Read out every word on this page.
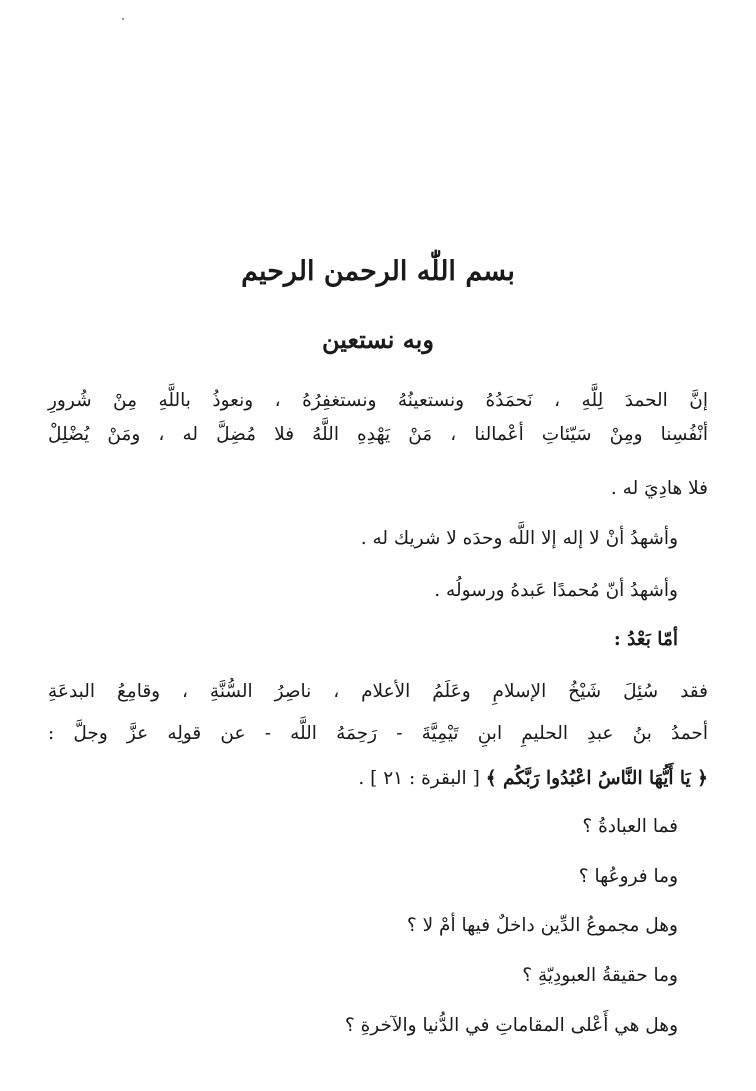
بسم اللّٰه الرحمن الرحيم
وبه نستعين
إنَّ الحمدَ لِلَّهِ ، نَحمَدُهُ ونستعينُهُ ونستغفِرُهُ ، ونعوذُ باللَّهِ مِنْ شُرورِ
أنْفُسِنا ومِنْ سَيّئاتِ أعْمالنا ، مَنْ يَهْدِهِ اللَّهُ فلا مُضِلَّ له ، ومَنْ يُضْلِلْ
فلا هادِيَ له .
وأشهدُ أنْ لا إله إلا اللَّه وحدَه لا شريك له .
وأشهدُ أنّ مُحمدًا عَبدهُ ورسولُه .
أمّا بَعْدُ :
فقد سُئِلَ شَيْخُ الإسلامِ وعَلَمُ الأعلام ، ناصِرُ السُّنَّةِ ، وقامِعُ البدعَةِ
أحمدُ بنُ عبدِ الحليمِ ابنِ تَيْمِيَّةَ - رَحِمَهُ اللَّه - عن قولِه عزَّ وجلَّ :
﴿ يَا أَيُّهَا النَّاسُ اعْبُدُوا رَبَّكُم ﴾ [ البقرة : ٢١ ] .
فما العبادةُ ؟
وما فروعُها ؟
وهل مجموعُ الدِّين داخلٌ فيها أمْ لا ؟
وما حقيقةُ العبودِيّةِ ؟
وهل هي أَعْلى المقاماتِ في الدُّنيا والآخرةِ ؟
